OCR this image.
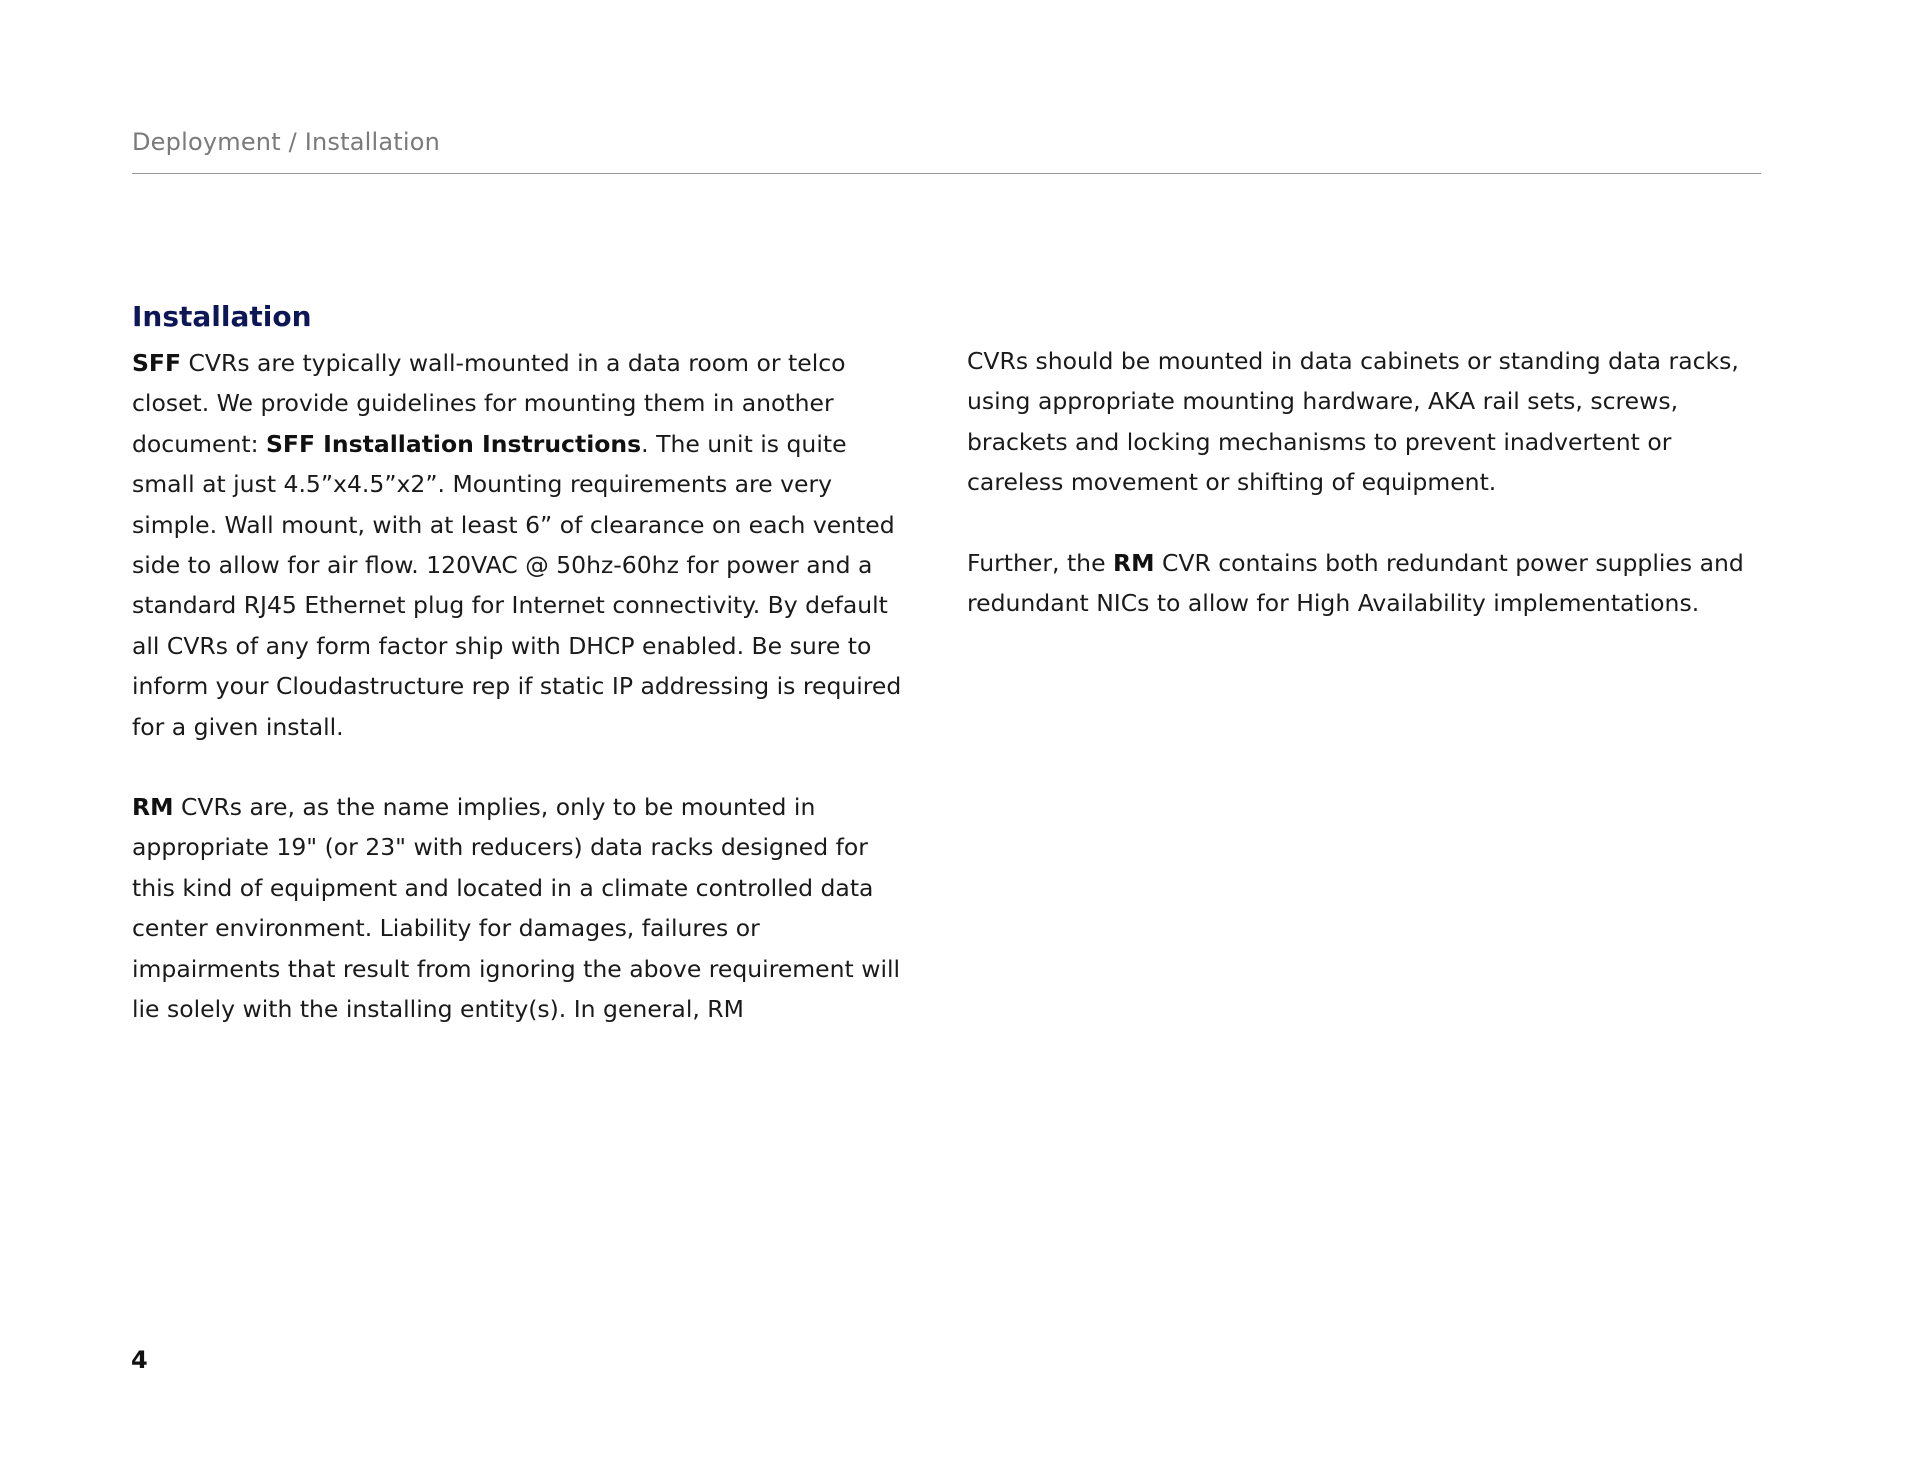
Deployment / Installation
Installation

SFF CVRs are typically wall-mounted in a data room or telco closet. We provide guidelines for mounting them in another document: SFF Installation Instructions. The unit is quite small at just 4.5”x4.5”x2”. Mounting requirements are very simple. Wall mount, with at least 6” of clearance on each vented side to allow for air flow. 120VAC @ 50hz-60hz for power and a standard RJ45 Ethernet plug for Internet connectivity. By default all CVRs of any form factor ship with DHCP enabled. Be sure to inform your Cloudastructure rep if static IP addressing is required for a given install.

RM CVRs are, as the name implies, only to be mounted in appropriate 19" (or 23" with reducers) data racks designed for this kind of equipment and located in a climate controlled data center environment. Liability for damages, failures or impairments that result from ignoring the above requirement will lie solely with the installing entity(s). In general, RM

CVRs should be mounted in data cabinets or standing data racks, using appropriate mounting hardware, AKA rail sets, screws, brackets and locking mechanisms to prevent inadvertent or careless movement or shifting of equipment.

Further, the RM CVR contains both redundant power supplies and redundant NICs to allow for High Availability implementations.

4
